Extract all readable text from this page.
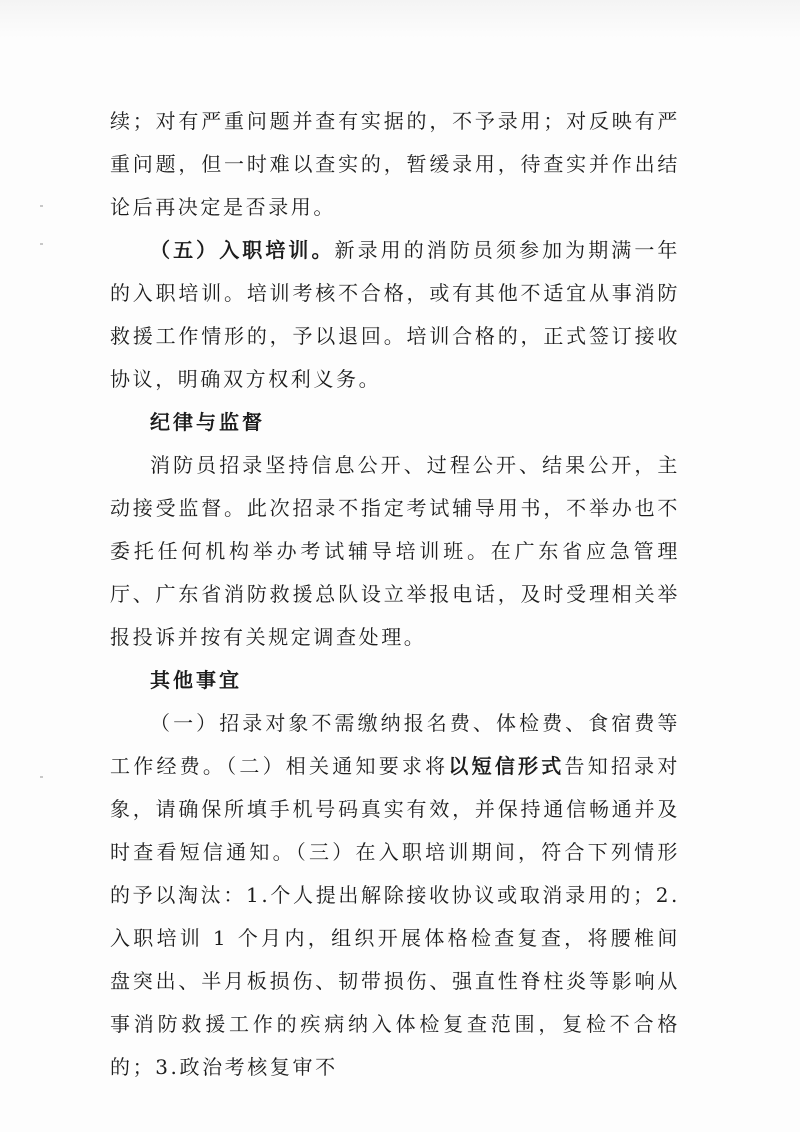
续；对有严重问题并查有实据的，不予录用；对反映有严重问题，但一时难以查实的，暂缓录用，待查实并作出结论后再决定是否录用。

（五）入职培训。新录用的消防员须参加为期满一年的入职培训。培训考核不合格，或有其他不适宜从事消防救援工作情形的，予以退回。培训合格的，正式签订接收协议，明确双方权利义务。

纪律与监督

消防员招录坚持信息公开、过程公开、结果公开，主动接受监督。此次招录不指定考试辅导用书，不举办也不委托任何机构举办考试辅导培训班。在广东省应急管理厅、广东省消防救援总队设立举报电话，及时受理相关举报投诉并按有关规定调查处理。

其他事宜

（一）招录对象不需缴纳报名费、体检费、食宿费等工作经费。（二）相关通知要求将以短信形式告知招录对象，请确保所填手机号码真实有效，并保持通信畅通并及时查看短信通知。（三）在入职培训期间，符合下列情形的予以淘汰：1.个人提出解除接收协议或取消录用的；2.入职培训 1 个月内，组织开展体格检查复查，将腰椎间盘突出、半月板损伤、韧带损伤、强直性脊柱炎等影响从事消防救援工作的疾病纳入体检复查范围，复检不合格的；3.政治考核复审不
